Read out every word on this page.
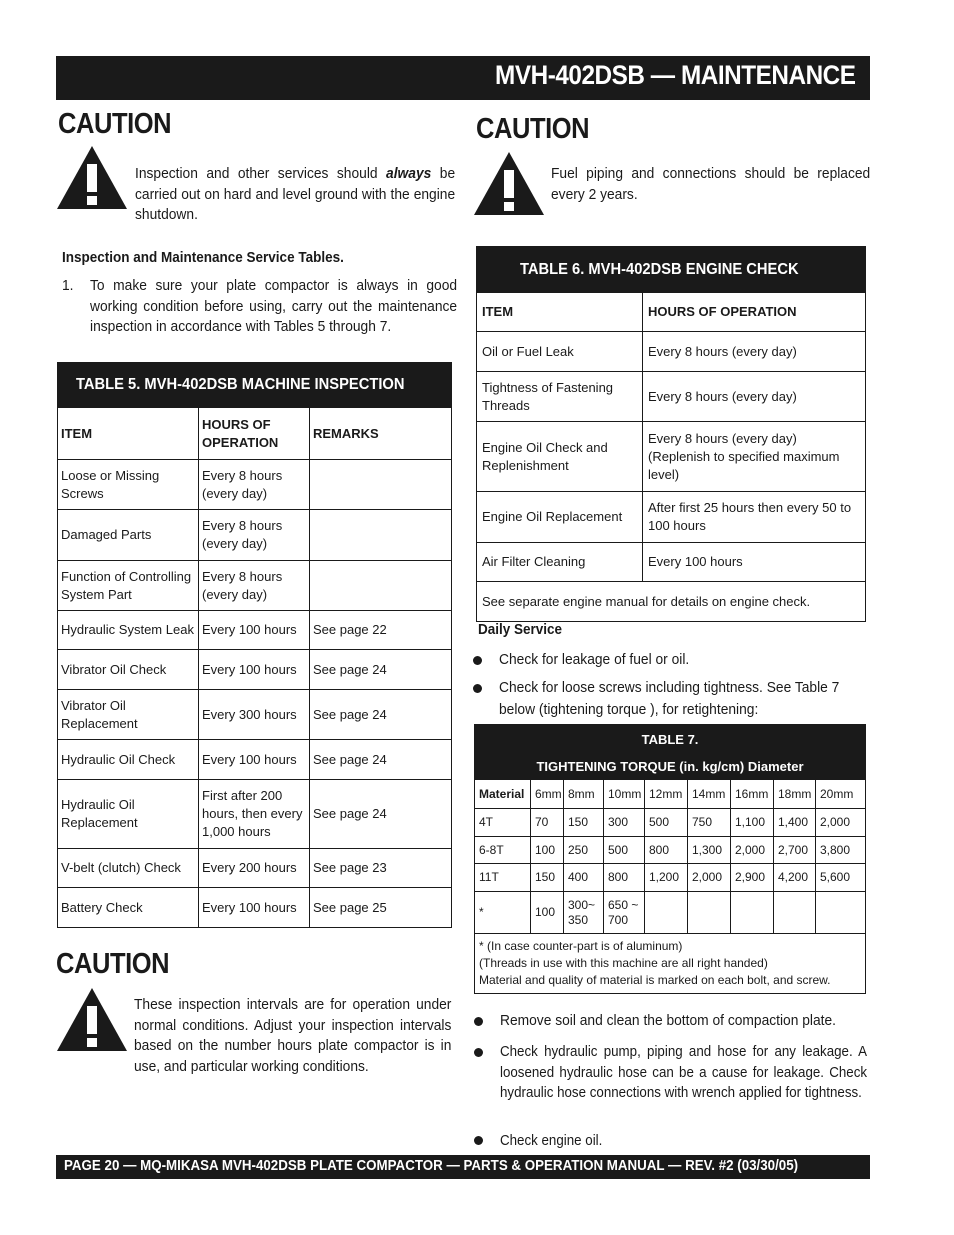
MVH-402DSB — MAINTENANCE
CAUTION
Inspection and other services should always be carried out on hard and level ground with the engine shutdown.
Inspection and Maintenance Service Tables.
1. To make sure your plate compactor is always in good working condition before using, carry out the maintenance inspection in accordance with Tables 5 through 7.
TABLE 5. MVH-402DSB MACHINE INSPECTION		
ITEM	HOURS OF OPERATION	REMARKS
Loose or Missing Screws	Every 8 hours (every day)	
Damaged Parts	Every 8 hours (every day)	
Function of Controlling System Part	Every 8 hours (every day)	
Hydraulic System Leak	Every 100 hours	See page 22
Vibrator Oil Check	Every 100 hours	See page 24
Vibrator Oil Replacement	Every 300 hours	See page 24
Hydraulic Oil Check	Every 100 hours	See page 24
Hydraulic Oil Replacement	First after 200 hours, then every 1,000 hours	See page 24
V-belt (clutch) Check	Every 200 hours	See page 23
Battery Check	Every 100 hours	See page 25
CAUTION
These inspection intervals are for operation under normal conditions. Adjust your inspection intervals based on the number hours plate compactor is in use, and particular working conditions.
CAUTION
Fuel piping and connections should be replaced every 2 years.
TABLE 6. MVH-402DSB ENGINE CHECK	
ITEM	HOURS OF OPERATION
Oil or Fuel Leak	Every 8 hours (every day)
Tightness of Fastening Threads	Every 8 hours (every day)
Engine Oil Check and Replenishment	Every 8 hours (every day) (Replenish to specified maximum level)
Engine Oil Replacement	After first 25 hours then every 50 to 100 hours
Air Filter Cleaning	Every 100 hours
See separate engine manual for details on engine check.	
Daily Service
Check for leakage of fuel or oil.
Check for loose screws including tightness. See Table 7 below (tightening torque ), for retightening:
TABLE 7.								
TIGHTENING TORQUE (in. kg/cm) Diameter								
Material	6mm	8mm	10mm	12mm	14mm	16mm	18mm	20mm
4T	70	150	300	500	750	1,100	1,400	2,000
6-8T	100	250	500	800	1,300	2,000	2,700	3,800
11T	150	400	800	1,200	2,000	2,900	4,200	5,600
*	100	300~ 350	650 ~ 700					

* (In case counter-part is of aluminum)
(Threads in use with this machine are all right handed)
Material and quality of material is marked on each bolt, and screw.								
Remove soil and clean the bottom of compaction plate.
Check hydraulic pump, piping and hose for any leakage. A loosened hydraulic hose can be a cause for leakage. Check hydraulic hose connections with wrench applied for tightness.
Check engine oil.
PAGE 20 — MQ-MIKASA MVH-402DSB PLATE COMPACTOR — PARTS & OPERATION MANUAL — REV. #2 (03/30/05)
